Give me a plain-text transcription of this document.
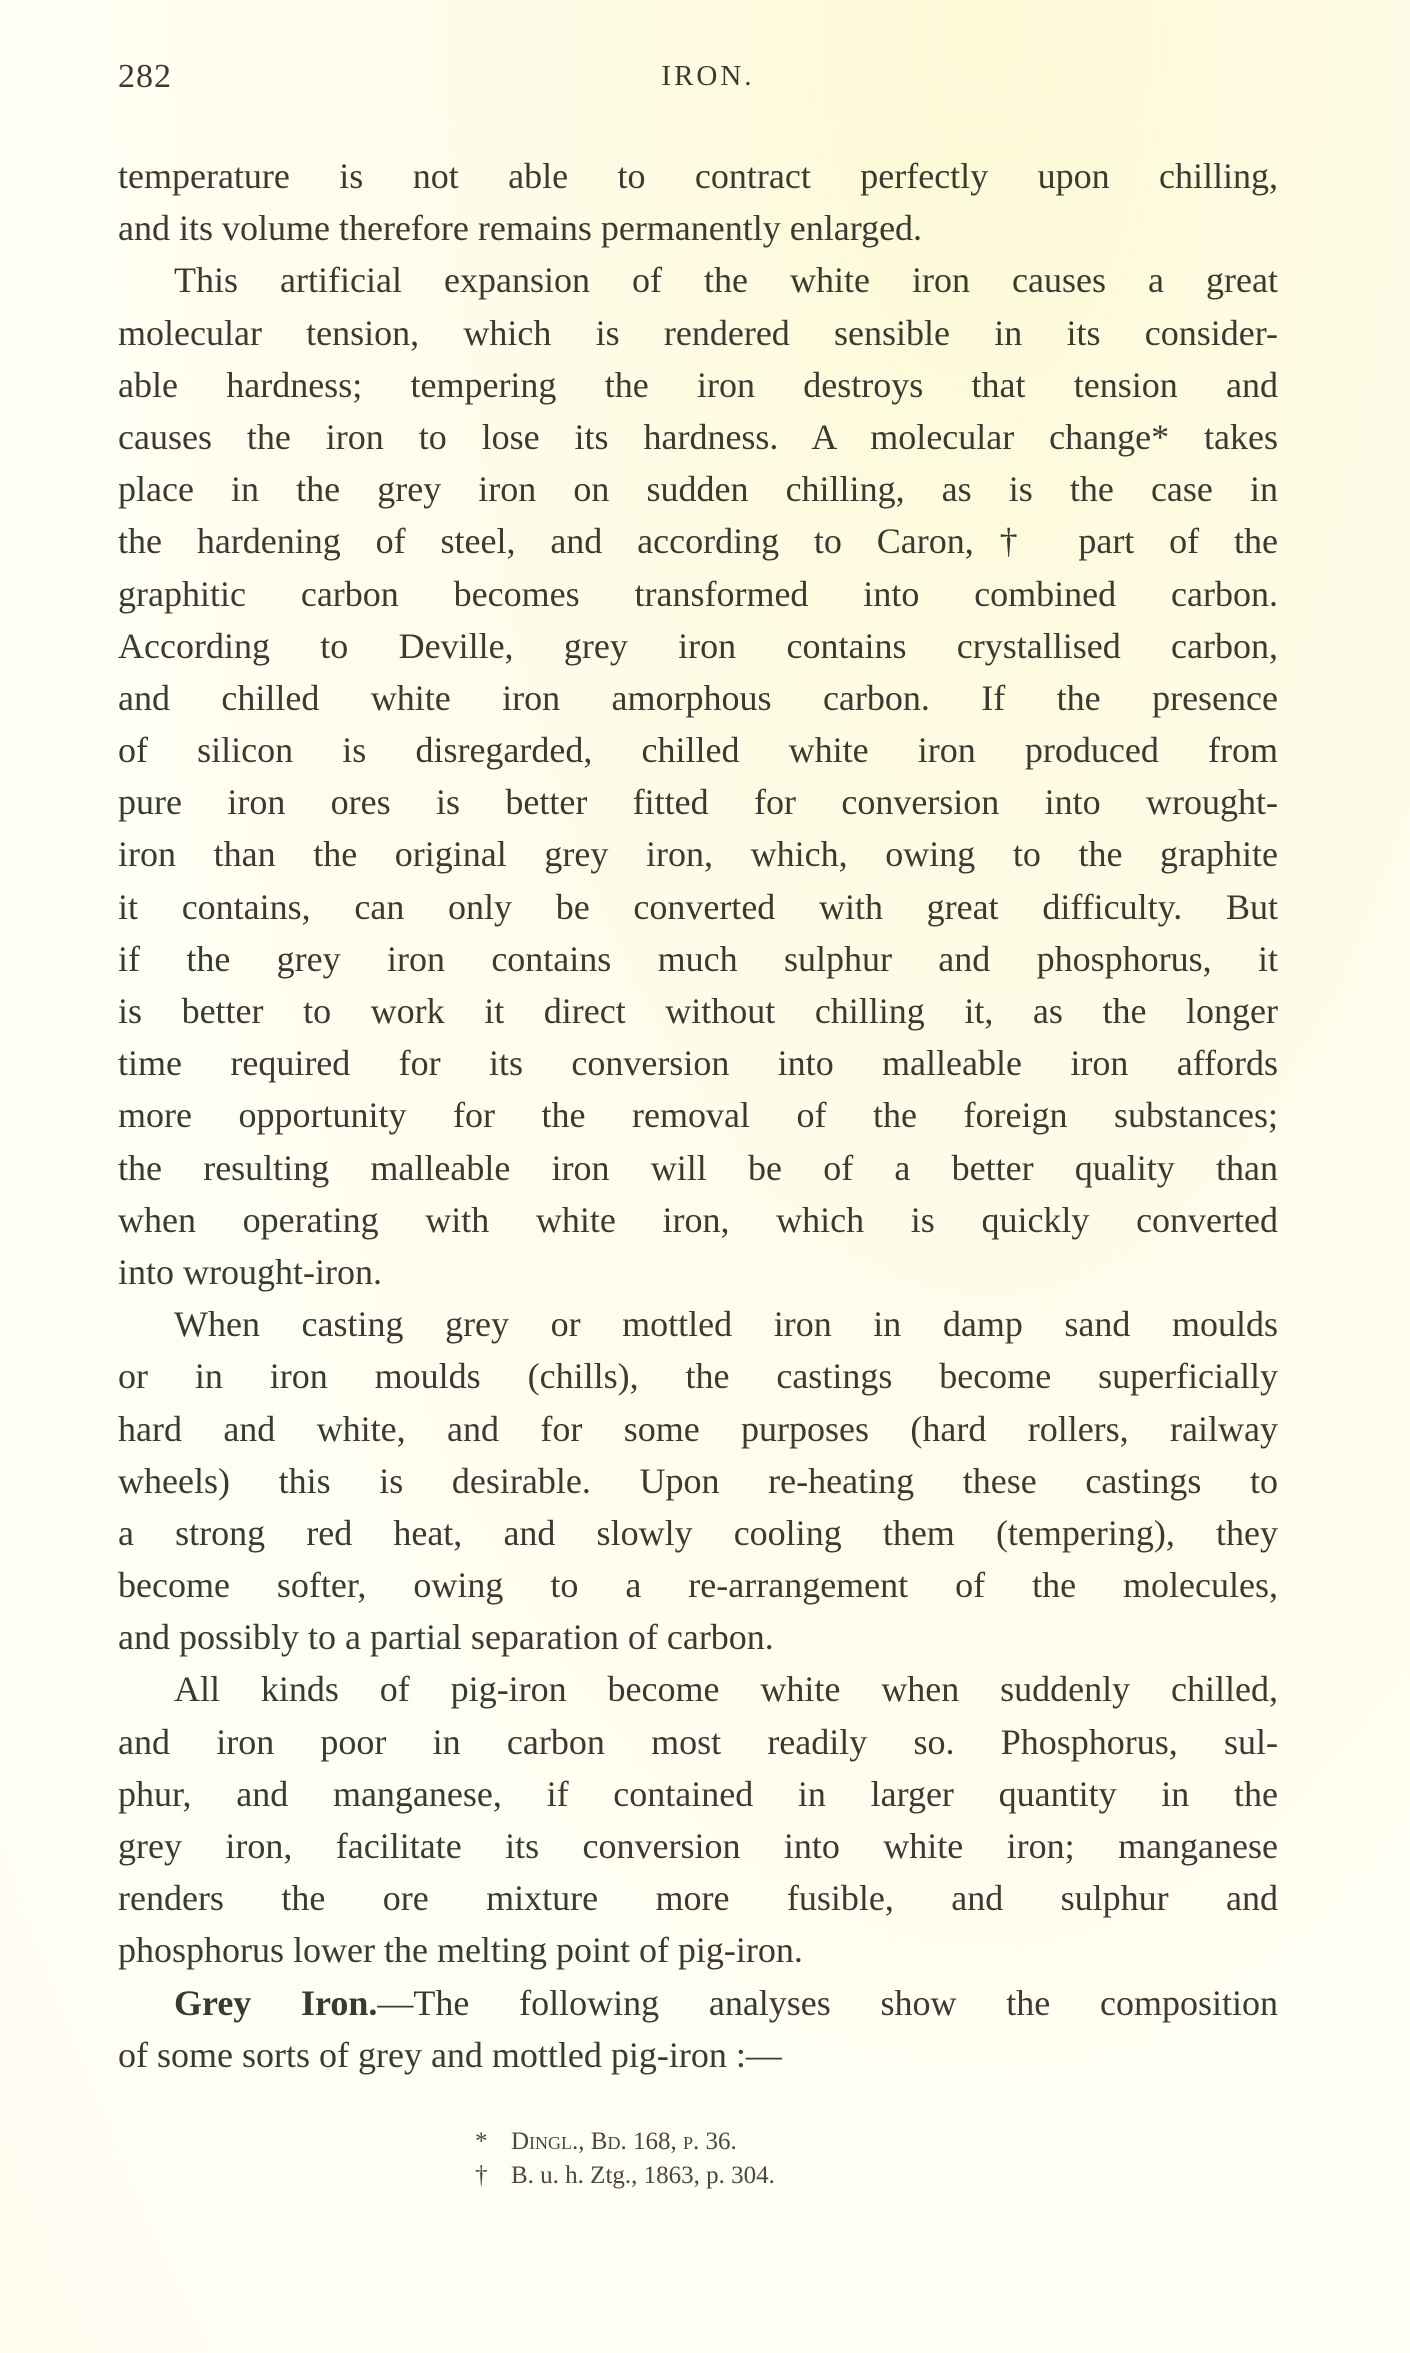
282	IRON.
temperature is not able to contract perfectly upon chilling,
and its volume therefore remains permanently enlarged.
This artificial expansion of the white iron causes a great
molecular tension, which is rendered sensible in its consider-
able hardness; tempering the iron destroys that tension and
causes the iron to lose its hardness. A molecular change* takes
place in the grey iron on sudden chilling, as is the case in
the hardening of steel, and according to Caron,† part of the
graphitic carbon becomes transformed into combined carbon.
According to Deville, grey iron contains crystallised carbon,
and chilled white iron amorphous carbon. If the presence
of silicon is disregarded, chilled white iron produced from
pure iron ores is better fitted for conversion into wrought-
iron than the original grey iron, which, owing to the graphite
it contains, can only be converted with great difficulty. But
if the grey iron contains much sulphur and phosphorus, it
is better to work it direct without chilling it, as the longer
time required for its conversion into malleable iron affords
more opportunity for the removal of the foreign substances;
the resulting malleable iron will be of a better quality than
when operating with white iron, which is quickly converted
into wrought-iron.
When casting grey or mottled iron in damp sand moulds
or in iron moulds (chills), the castings become superficially
hard and white, and for some purposes (hard rollers, railway
wheels) this is desirable. Upon re-heating these castings to
a strong red heat, and slowly cooling them (tempering), they
become softer, owing to a re-arrangement of the molecules,
and possibly to a partial separation of carbon.
All kinds of pig-iron become white when suddenly chilled,
and iron poor in carbon most readily so. Phosphorus, sul-
phur, and manganese, if contained in larger quantity in the
grey iron, facilitate its conversion into white iron; manganese
renders the ore mixture more fusible, and sulphur and
phosphorus lower the melting point of pig-iron.
Grey Iron.—The following analyses show the composition
of some sorts of grey and mottled pig-iron :—
* Dingl., Bd. 168, p. 36.
† B. u. h. Ztg., 1863, p. 304.
